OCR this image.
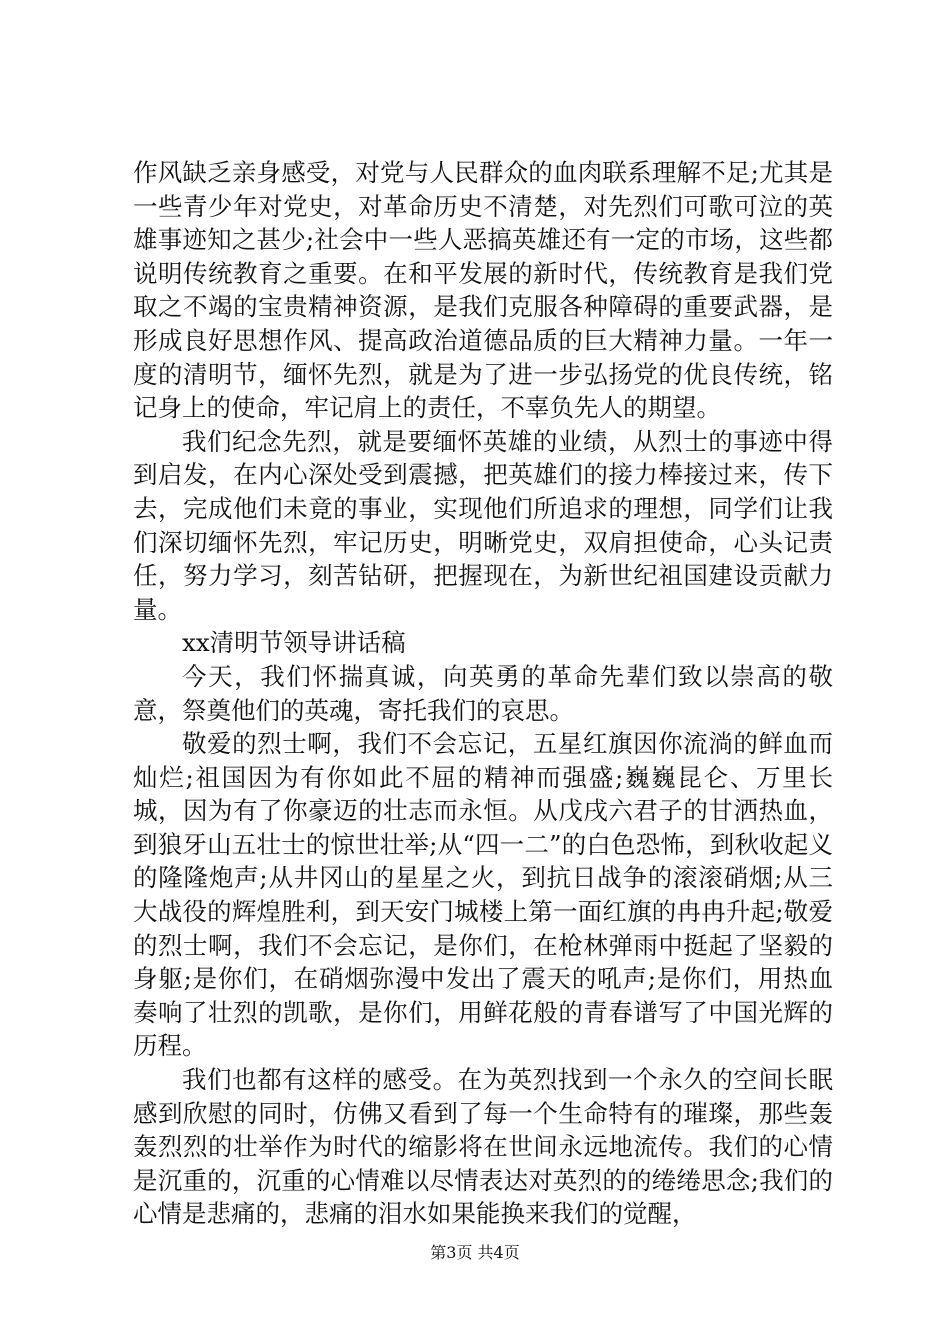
作风缺乏亲身感受，对党与人民群众的血肉联系理解不足;尤其是一些青少年对党史，对革命历史不清楚，对先烈们可歌可泣的英雄事迹知之甚少;社会中一些人恶搞英雄还有一定的市场，这些都说明传统教育之重要。在和平发展的新时代，传统教育是我们党取之不竭的宝贵精神资源，是我们克服各种障碍的重要武器，是形成良好思想作风、提高政治道德品质的巨大精神力量。一年一度的清明节，缅怀先烈，就是为了进一步弘扬党的优良传统，铭记身上的使命，牢记肩上的责任，不辜负先人的期望。

我们纪念先烈，就是要缅怀英雄的业绩，从烈士的事迹中得到启发，在内心深处受到震撼，把英雄们的接力棒接过来，传下去，完成他们未竟的事业，实现他们所追求的理想，同学们让我们深切缅怀先烈，牢记历史，明晰党史，双肩担使命，心头记责任，努力学习，刻苦钻研，把握现在，为新世纪祖国建设贡献力量。

xx清明节领导讲话稿

今天，我们怀揣真诚，向英勇的革命先辈们致以崇高的敬意，祭奠他们的英魂，寄托我们的哀思。

敬爱的烈士啊，我们不会忘记，五星红旗因你流淌的鲜血而灿烂;祖国因为有你如此不屈的精神而强盛;巍巍昆仑、万里长城，因为有了你豪迈的壮志而永恒。从戊戌六君子的甘洒热血，到狼牙山五壮士的惊世壮举;从“四一二”的白色恐怖，到秋收起义的隆隆炮声;从井冈山的星星之火，到抗日战争的滚滚硝烟;从三大战役的辉煌胜利，到天安门城楼上第一面红旗的冉冉升起;敬爱的烈士啊，我们不会忘记，是你们，在枪林弹雨中挺起了坚毅的身躯;是你们，在硝烟弥漫中发出了震天的吼声;是你们，用热血奏响了壮烈的凯歌，是你们，用鲜花般的青春谱写了中国光辉的历程。

我们也都有这样的感受。在为英烈找到一个永久的空间长眠感到欣慰的同时，仿佛又看到了每一个生命特有的璀璨，那些轰轰烈烈的壮举作为时代的缩影将在世间永远地流传。我们的心情是沉重的，沉重的心情难以尽情表达对英烈的的绻绻思念;我们的心情是悲痛的，悲痛的泪水如果能换来我们的觉醒，

第3页 共4页
